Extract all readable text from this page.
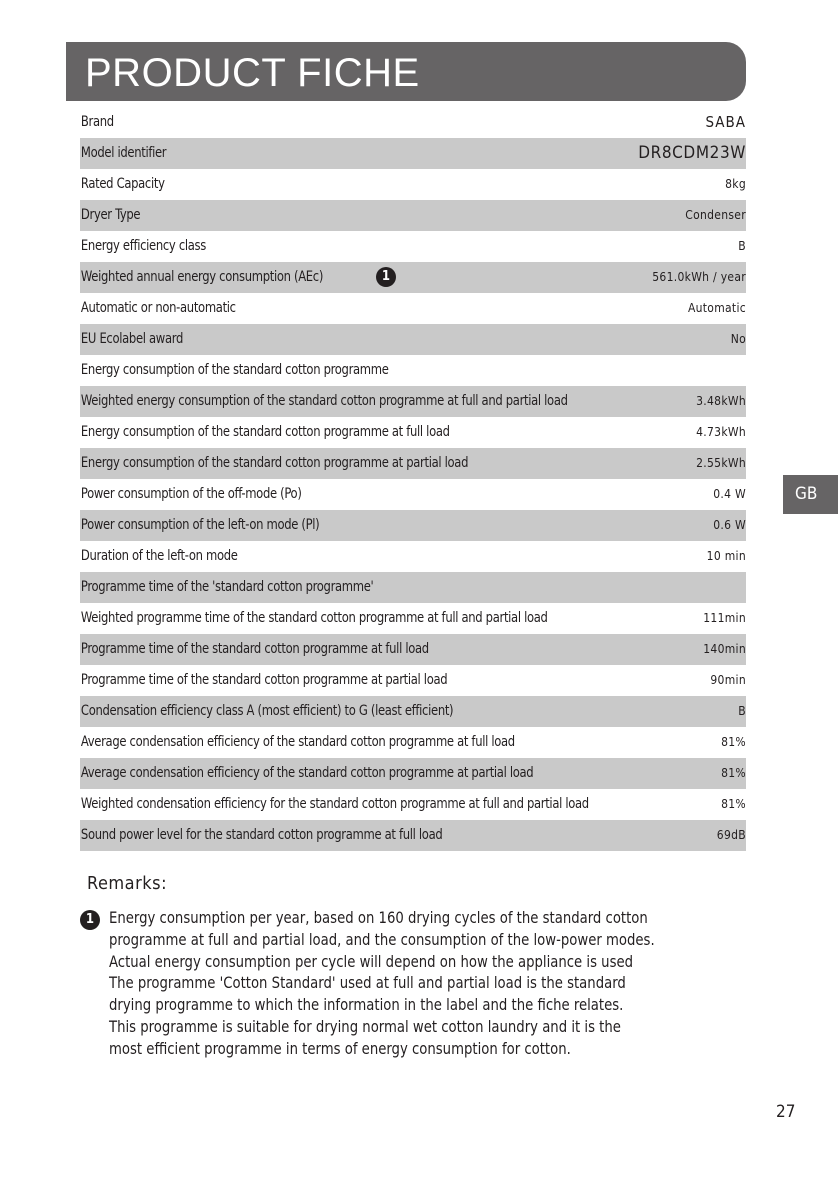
PRODUCT FICHE
Brand	SABA
Model identifier	DR8CDM23W
Rated Capacity	8kg
Dryer Type	Condenser
Energy efficiency class	B
Weighted annual energy consumption (AEc)	1	561.0kWh / year
Automatic or non-automatic	Automatic
EU Ecolabel award	No
Energy consumption of the standard cotton programme
Weighted energy consumption of the standard cotton programme at full and partial load	3.48kWh
Energy consumption of the standard cotton programme at full load	4.73kWh
Energy consumption of the standard cotton programme at partial load	2.55kWh
Power consumption of the off-mode (Po)	0.4 W
Power consumption of the left-on mode (Pl)	0.6 W
Duration of the left-on mode	10 min
Programme time of the 'standard cotton programme'
Weighted programme time of the standard cotton programme at full and partial load	111min
Programme time of the standard cotton programme at full load	140min
Programme time of the standard cotton programme at partial load	90min
Condensation efficiency class A (most efficient) to G (least efficient)	B
Average condensation efficiency of the standard cotton programme at full load	81%
Average condensation efficiency of the standard cotton programme at partial load	81%
Weighted condensation efficiency for the standard cotton programme at full and partial load	81%
Sound power level for the standard cotton programme at full load	69dB
GB
Remarks:
1 Energy consumption per year, based on 160 drying cycles of the standard cotton
programme at full and partial load, and the consumption of the low-power modes.
Actual energy consumption per cycle will depend on how the appliance is used
The programme 'Cotton Standard' used at full and partial load is the standard
drying programme to which the information in the label and the fiche relates.
This programme is suitable for drying normal wet cotton laundry and it is the
most efficient programme in terms of energy consumption for cotton.
27
